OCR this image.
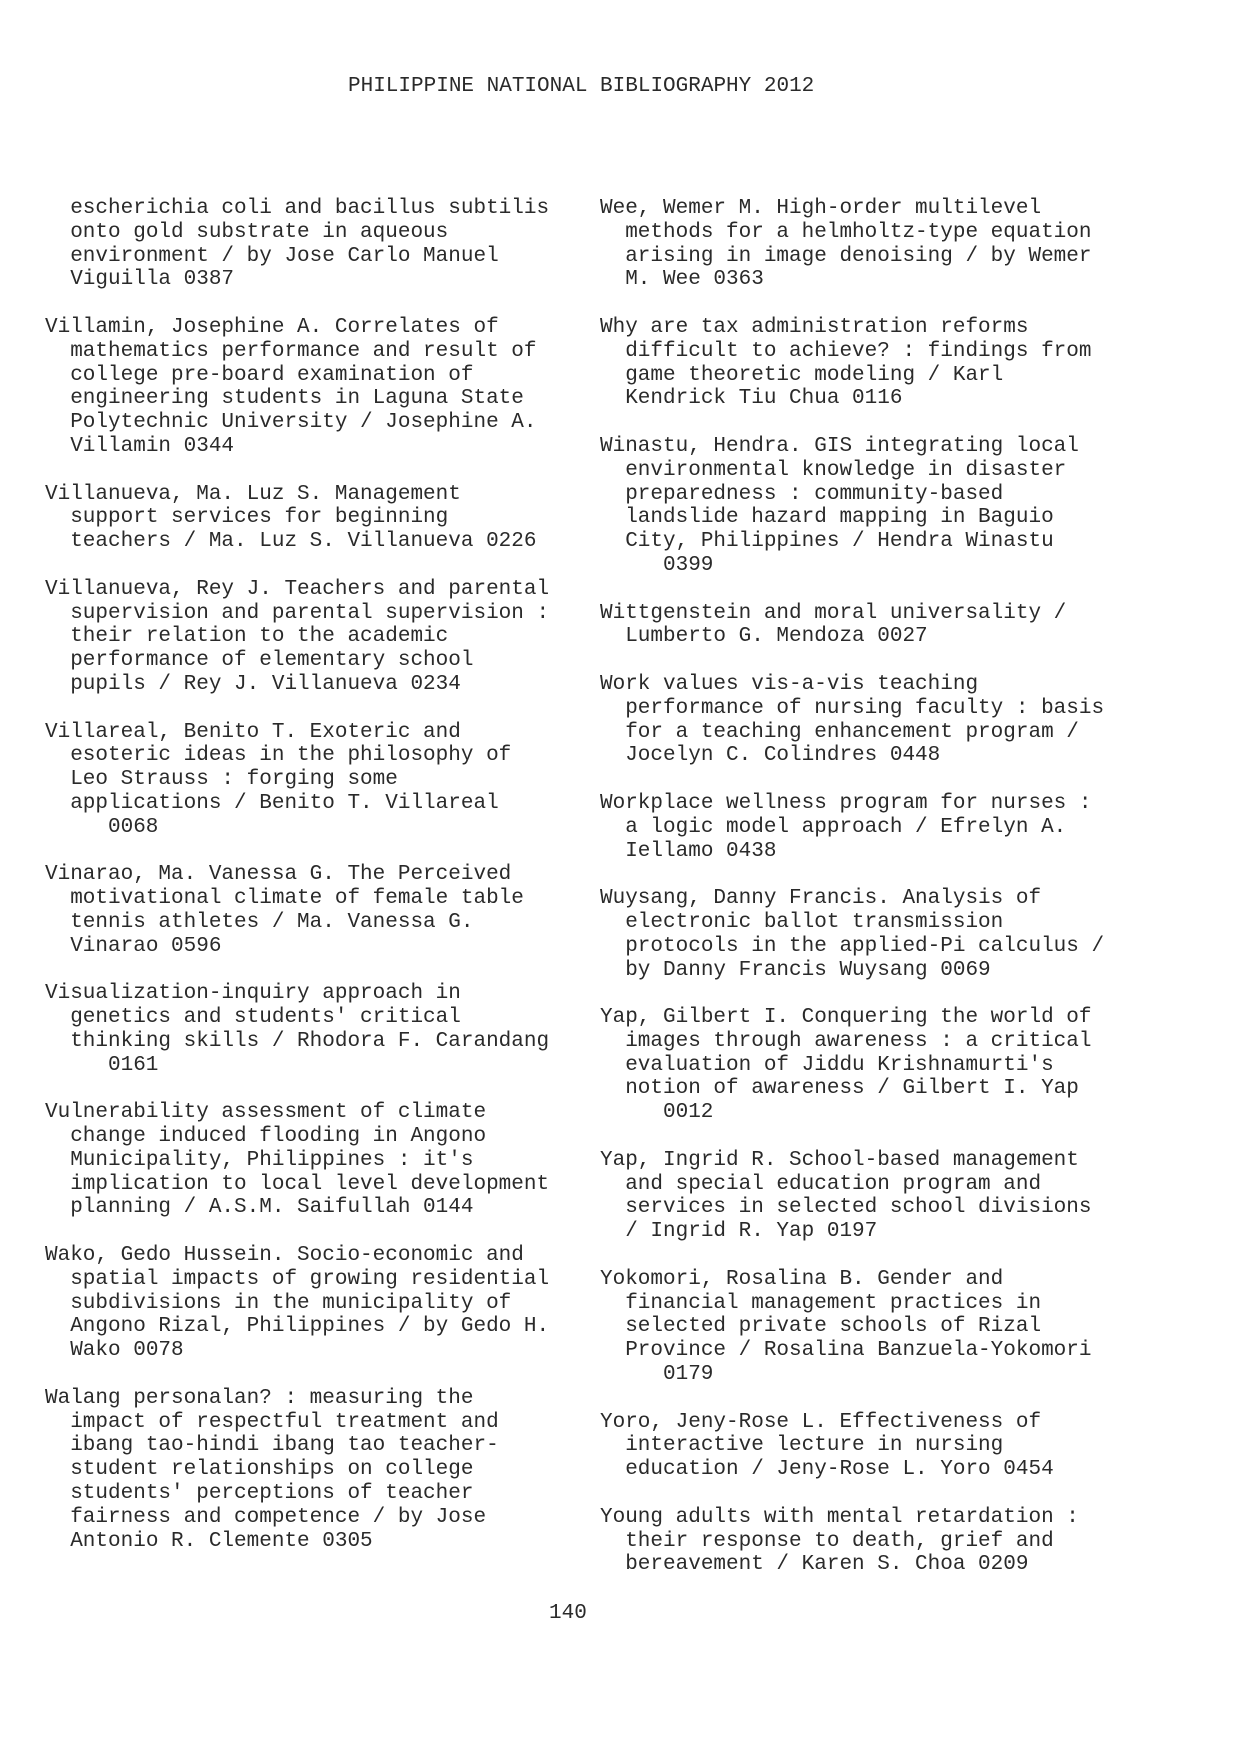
PHILIPPINE NATIONAL BIBLIOGRAPHY 2012
escherichia coli and bacillus subtilis
onto gold substrate in aqueous
environment / by Jose Carlo Manuel
Viguilla 0387
Villamin, Josephine A. Correlates of
mathematics performance and result of
college pre-board examination of
engineering students in Laguna State
Polytechnic University / Josephine A.
Villamin 0344
Villanueva, Ma. Luz S. Management
support services for beginning
teachers / Ma. Luz S. Villanueva 0226
Villanueva, Rey J. Teachers and parental
supervision and parental supervision :
their relation to the academic
performance of elementary school
pupils / Rey J. Villanueva 0234
Villareal, Benito T. Exoteric and
esoteric ideas in the philosophy of
Leo Strauss : forging some
applications / Benito T. Villareal
0068
Vinarao, Ma. Vanessa G. The Perceived
motivational climate of female table
tennis athletes / Ma. Vanessa G.
Vinarao 0596
Visualization-inquiry approach in
genetics and students' critical
thinking skills / Rhodora F. Carandang
0161
Vulnerability assessment of climate
change induced flooding in Angono
Municipality, Philippines : it's
implication to local level development
planning / A.S.M. Saifullah 0144
Wako, Gedo Hussein. Socio-economic and
spatial impacts of growing residential
subdivisions in the municipality of
Angono Rizal, Philippines / by Gedo H.
Wako 0078
Walang personalan? : measuring the
impact of respectful treatment and
ibang tao-hindi ibang tao teacher-
student relationships on college
students' perceptions of teacher
fairness and competence / by Jose
Antonio R. Clemente 0305
Wee, Wemer M. High-order multilevel
methods for a helmholtz-type equation
arising in image denoising / by Wemer
M. Wee 0363
Why are tax administration reforms
difficult to achieve? : findings from
game theoretic modeling / Karl
Kendrick Tiu Chua 0116
Winastu, Hendra. GIS integrating local
environmental knowledge in disaster
preparedness : community-based
landslide hazard mapping in Baguio
City, Philippines / Hendra Winastu
0399
Wittgenstein and moral universality /
Lumberto G. Mendoza 0027
Work values vis-a-vis teaching
performance of nursing faculty : basis
for a teaching enhancement program /
Jocelyn C. Colindres 0448
Workplace wellness program for nurses :
a logic model approach / Efrelyn A.
Iellamo 0438
Wuysang, Danny Francis. Analysis of
electronic ballot transmission
protocols in the applied-Pi calculus /
by Danny Francis Wuysang 0069
Yap, Gilbert I. Conquering the world of
images through awareness : a critical
evaluation of Jiddu Krishnamurti's
notion of awareness / Gilbert I. Yap
0012
Yap, Ingrid R. School-based management
and special education program and
services in selected school divisions
/ Ingrid R. Yap 0197
Yokomori, Rosalina B. Gender and
financial management practices in
selected private schools of Rizal
Province / Rosalina Banzuela-Yokomori
0179
Yoro, Jeny-Rose L. Effectiveness of
interactive lecture in nursing
education / Jeny-Rose L. Yoro 0454
Young adults with mental retardation :
their response to death, grief and
bereavement / Karen S. Choa 0209
140
